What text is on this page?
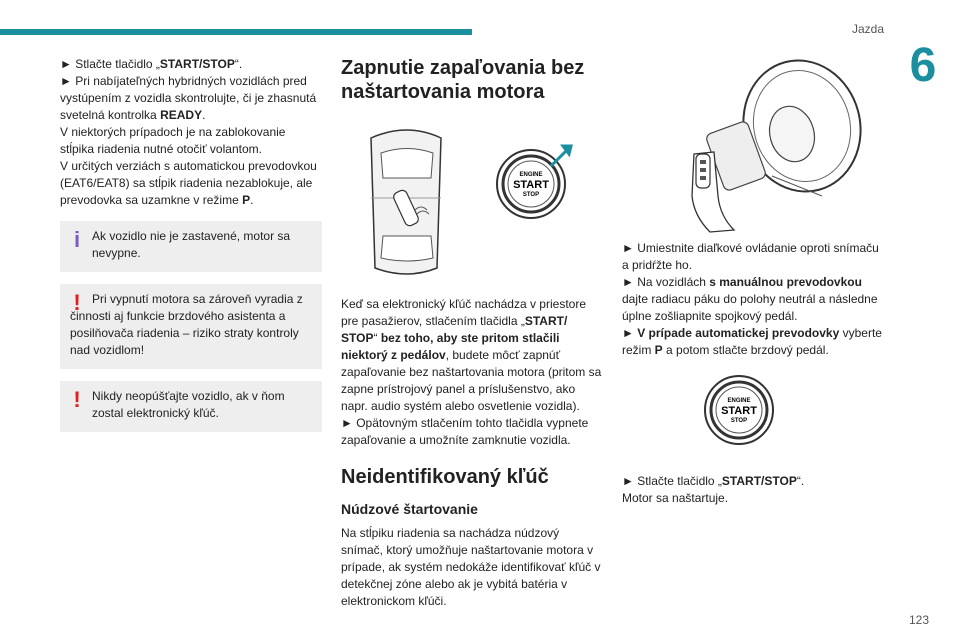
Jazda
6
123

► Stlačte tlačidlo „START/STOP“.

► Pri nabíjateľných hybridných vozidlách pred vystúpením z vozidla skontrolujte, či je zhasnutá svetelná kontrolka READY.

V niektorých prípadoch je na zablokovanie stĺpika riadenia nutné otočiť volantom.

V určitých verziách s automatickou prevodovkou (EAT6/EAT8) sa stĺpik riadenia nezablokuje, ale prevodovka sa uzamkne v režime P.

i Ak vozidlo nie je zastavené, motor sa nevypne.
! Pri vypnutí motora sa zároveň vyradia z činnosti aj funkcie brzdového asistenta a posilňovača riadenia – riziko straty kontroly nad vozidlom!
! Nikdy neopúšťajte vozidlo, ak v ňom zostal elektronický kľúč.
Zapnutie zapaľovania bez naštartovania motora
ENGINE
START
STOP

Keď sa elektronický kľúč nachádza v priestore pre pasažierov, stlačením tlačidla „START/ STOP“ bez toho, aby ste pritom stlačili niektorý z pedálov, budete môcť zapnúť zapaľovanie bez naštartovania motora (pritom sa zapne prístrojový panel a príslušenstvo, ako napr. audio systém alebo osvetlenie vozidla).

► Opätovným stlačením tohto tlačidla vypnete zapaľovanie a umožníte zamknutie vozidla.

Neidentifikovaný kľúč
Núdzové štartovanie

Na stĺpiku riadenia sa nachádza núdzový snímač, ktorý umožňuje naštartovanie motora v prípade, ak systém nedokáže identifikovať kľúč v detekčnej zóne alebo ak je vybitá batéria v elektronickom kľúči.

► Umiestnite diaľkové ovládanie oproti snímaču a pridŕžte ho.

► Na vozidlách s manuálnou prevodovkou dajte radiacu páku do polohy neutrál a následne úplne zošliapnite spojkový pedál.

► V prípade automatickej prevodovky vyberte režim P a potom stlačte brzdový pedál.

ENGINE
START
STOP

► Stlačte tlačidlo „START/STOP“.

Motor sa naštartuje.
